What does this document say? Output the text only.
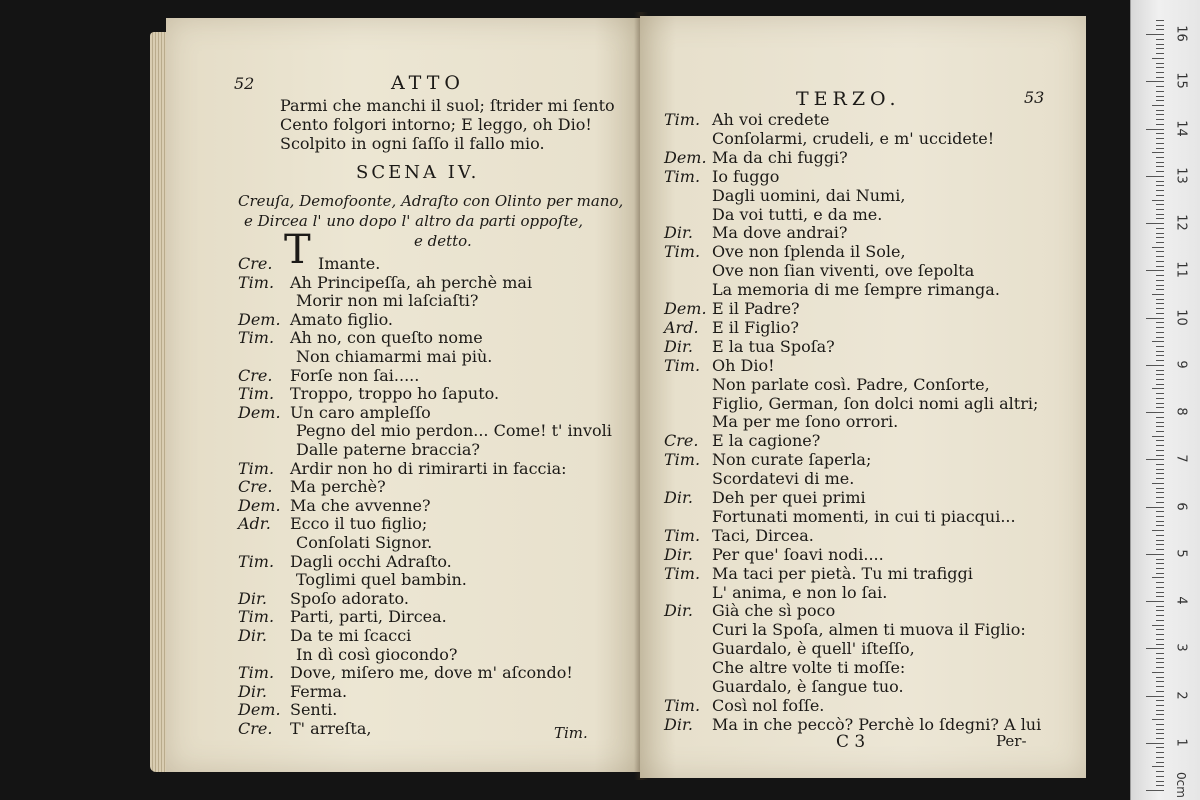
52	ATTO
Parmi che manchi il suol; ſtrider mi ſento
Cento folgori intorno; E leggo, oh Dio!
Scolpito in ogni ſaſſo il fallo mio.
SCENA IV.
Creuſa, Demofoonte, Adraſto con Olinto per mano,
e Dircea l' uno dopo l' altro da parti oppoſte,
e detto.
T
Cre.	Imante.
Tim. Ah Principeſſa, ah perchè mai
Morir non mi laſciaſti?
Dem. Amato figlio.
Tim. Ah no, con queſto nome
Non chiamarmi mai più.
Cre. Forſe non ſai.....
Tim. Troppo, troppo ho ſaputo.
Dem. Un caro ampleſſo
Pegno del mio perdon... Come! t' involi
Dalle paterne braccia?
Tim. Ardir non ho di rimirarti in faccia:
Cre. Ma perchè?
Dem. Ma che avvenne?
Adr. Ecco il tuo figlio;
Conſolati Signor.
Tim. Dagli occhi Adraſto.
Toglimi quel bambin.
Dir. Spoſo adorato.
Tim. Parti, parti, Dircea.
Dir. Da te mi ſcacci
In dì così giocondo?
Tim. Dove, miſero me, dove m' aſcondo!
Dir. Ferma.
Dem. Senti.
Cre. T' arreſta,	Tim.
TERZO.	53
Tim. Ah voi credete
Conſolarmi, crudeli, e m' uccidete!
Dem. Ma da chi fuggi?
Tim. Io fuggo
Dagli uomini, dai Numi,
Da voi tutti, e da me.
Dir. Ma dove andrai?
Tim. Ove non ſplenda il Sole,
Ove non ſian viventi, ove ſepolta
La memoria di me ſempre rimanga.
Dem. E il Padre?
Ard. E il Figlio?
Dir. E la tua Spoſa?
Tim. Oh Dio!
Non parlate così. Padre, Conſorte,
Figlio, German, ſon dolci nomi agli altri;
Ma per me ſono orrori.
Cre. E la cagione?
Tim. Non curate ſaperla;
Scordatevi di me.
Dir. Deh per quei primi
Fortunati momenti, in cui ti piacqui...
Tim. Taci, Dircea.
Dir. Per que' ſoavi nodi....
Tim. Ma taci per pietà. Tu mi trafiggi
L' anima, e non lo ſai.
Dir. Già che sì poco
Curi la Spoſa, almen ti muova il Figlio:
Guardalo, è quell' iſteſſo,
Che altre volte ti moſſe:
Guardalo, è ſangue tuo.
Tim. Così nol foſſe.
Dir. Ma in che peccò? Perchè lo ſdegni? A lui
C 3	Per-
0cm
16
15
14
13
12
11
10
9
8
7
6
5
4
3
2
1
